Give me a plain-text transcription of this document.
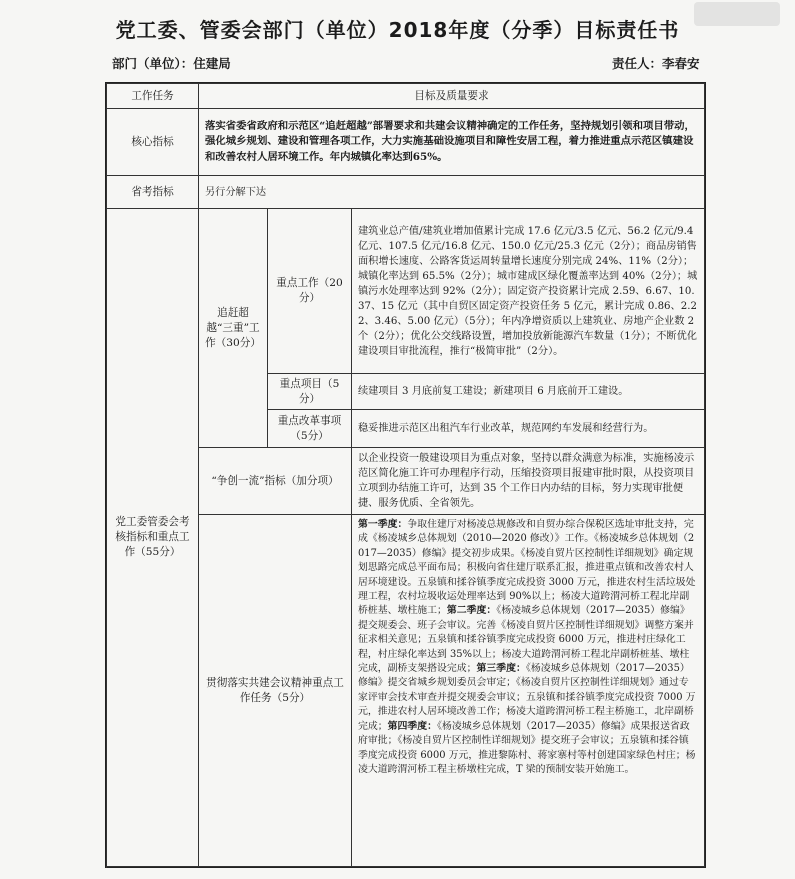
党工委、管委会部门（单位）2018年度（分季）目标责任书
部门（单位）：住建局	责任人：李春安
工作任务	目标及质量要求		
核心指标	落实省委省政府和示范区“追赶超越”部署要求和共建会议精神确定的工作任务，坚持规划引领和项目带动，强化城乡规划、建设和管理各项工作，大力实施基础设施项目和障性安居工程，着力推进重点示范区镇建设和改善农村人居环境工作。年内城镇化率达到65%。		
省考指标	另行分解下达		
党工委管委会考核指标和重点工作（55分）	追赶超越“三重”工作（30分）	重点工作（20分）	建筑业总产值/建筑业增加值累计完成 17.6 亿元/3.5 亿元、56.2 亿元/9.4 亿元、107.5 亿元/16.8 亿元、150.0 亿元/25.3 亿元（2分）；商品房销售面积增长速度、公路客货运周转量增长速度分别完成 24%、11%（2分）；城镇化率达到 65.5%（2分）；城市建成区绿化覆盖率达到 40%（2分）；城镇污水处理率达到 92%（2分）；固定资产投资累计完成 2.59、6.67、10.37、15 亿元（其中自贸区固定资产投资任务 5 亿元，累计完成 0.86、2.22、3.46、5.00 亿元）（5分）；年内净增资质以上建筑业、房地产企业数 2 个（2分）；优化公交线路设置，增加投放新能源汽车数量（1分）；不断优化建设项目审批流程，推行“极简审批”（2分）。
		重点项目（5分）	续建项目 3 月底前复工建设；新建项目 6 月底前开工建设。
		重点改革事项（5分）	稳妥推进示范区出租汽车行业改革，规范网约车发展和经营行为。
	“争创一流”指标（加分项）		以企业投资一般建设项目为重点对象，坚持以群众满意为标准，实施杨凌示范区简化施工许可办理程序行动，压缩投资项目报建审批时限，从投资项目立项到办结施工许可，达到 35 个工作日内办结的目标，努力实现审批便捷、服务优质、全省领先。
	贯彻落实共建会议精神重点工作任务（5分）		第一季度：争取住建厅对杨凌总规修改和自贸办综合保税区选址审批支持，完成《杨凌城乡总体规划（2010—2020 修改）》工作。《杨凌城乡总体规划（2017—2035）修编》提交初步成果。《杨凌自贸片区控制性详细规划》确定规划思路完成总平面布局；积极向省住建厅联系汇报，推进重点镇和改善农村人居环境建设。五泉镇和揉谷镇季度完成投资 3000 万元，推进农村生活垃圾处理工程，农村垃圾收运处理率达到 90%以上；杨凌大道跨渭河桥工程北岸副桥桩基、墩柱施工；第二季度：《杨凌城乡总体规划（2017—2035）修编》提交规委会、班子会审议。完善《杨凌自贸片区控制性详细规划》调整方案并征求相关意见；五泉镇和揉谷镇季度完成投资 6000 万元，推进村庄绿化工程，村庄绿化率达到 35%以上；杨凌大道跨渭河桥工程北岸副桥桩基、墩柱完成，副桥支架搭设完成；第三季度：《杨凌城乡总体规划（2017—2035）修编》提交省城乡规划委员会审定；《杨凌自贸片区控制性详细规划》通过专家评审会技术审查并提交规委会审议；五泉镇和揉谷镇季度完成投资 7000 万元，推进农村人居环境改善工作；杨凌大道跨渭河桥工程主桥施工，北岸副桥完成；第四季度：《杨凌城乡总体规划（2017—2035）修编》成果报送省政府审批；《杨凌自贸片区控制性详细规划》提交班子会审议；五泉镇和揉谷镇季度完成投资 6000 万元，推进黎陈村、蒋家寨村等村创建国家绿色村庄；杨凌大道跨渭河桥工程主桥墩柱完成，T 梁的预制安装开始施工。
